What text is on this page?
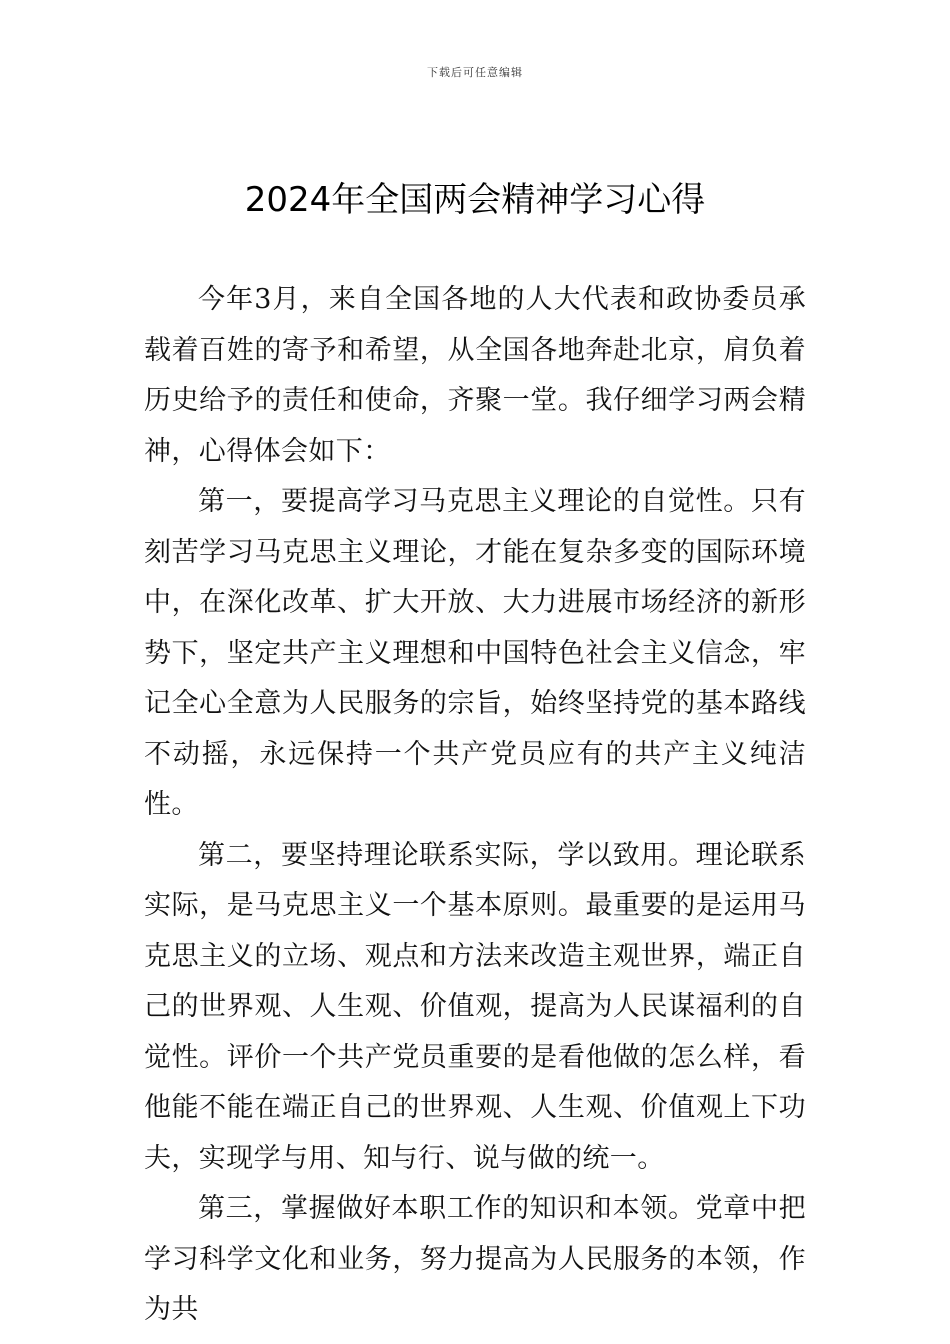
下载后可任意编辑
2024年全国两会精神学习心得

今年3月，来自全国各地的人大代表和政协委员承载着百姓的寄予和希望，从全国各地奔赴北京，肩负着历史给予的责任和使命，齐聚一堂。我仔细学习两会精神，心得体会如下：

第一，要提高学习马克思主义理论的自觉性。只有刻苦学习马克思主义理论，才能在复杂多变的国际环境中，在深化改革、扩大开放、大力进展市场经济的新形势下，坚定共产主义理想和中国特色社会主义信念，牢记全心全意为人民服务的宗旨，始终坚持党的基本路线不动摇，永远保持一个共产党员应有的共产主义纯洁性。

第二，要坚持理论联系实际，学以致用。理论联系实际，是马克思主义一个基本原则。最重要的是运用马克思主义的立场、观点和方法来改造主观世界，端正自己的世界观、人生观、价值观，提高为人民谋福利的自觉性。评价一个共产党员重要的是看他做的怎么样，看他能不能在端正自己的世界观、人生观、价值观上下功夫，实现学与用、知与行、说与做的统一。

第三，掌握做好本职工作的知识和本领。党章中把学习科学文化和业务，努力提高为人民服务的本领，作为共
